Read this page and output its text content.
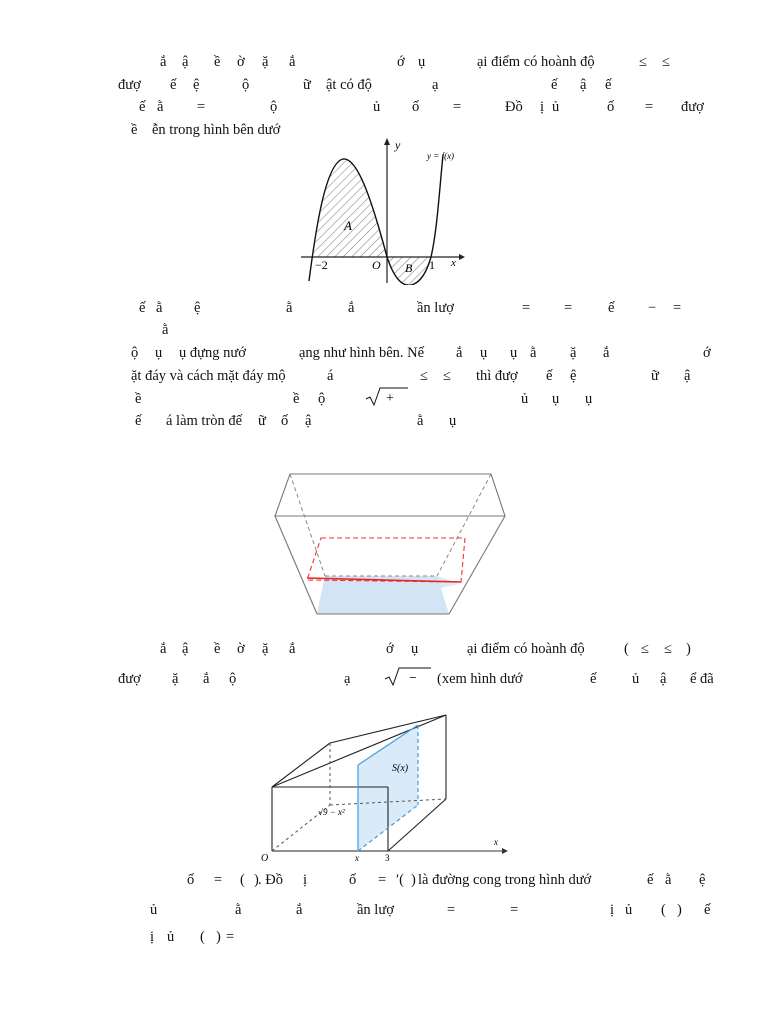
ắ ậ ề ờ ặ ắ	ớ ụ	ại điểm có hoành độ	≤ ≤
đượ ế ệ	ộ	ữ ật có độ	ạ	ế ậ ế
ế ằ =	ộ	ủ ố =	Đồ ị ủ	ố = đượ
ề ễn trong hình bên dướ
y
y = f(x)
A
B
O
−2	1 x
ế ằ ệ	ằ	ắ	ần lượ	= = ế − =
ằ
ộ ụ ụ đựng nướ	ạng như hình bên. Nế ắ ụ ụ ằ ặ ắ	ớ
ặt đáy và cách mặt đáy mộ	á	≤ ≤ thì đượ ế ệ	ữ ậ
ề	ề ộ	ủ ụ ụ
+
ế á làm tròn đế ữ ố ậ	ằ ụ
ắ ậ ề ờ ặ ắ	ớ ụ	ại điểm có hoành độ	( ≤ ≤ )
đượ ặ ắ ộ	ạ	(xem hình dướ	ế ủ ậ ể đã
−
S(x)
√9 − x²
O	x	3
x
ố = ( ) . Đồ ị	ố = ′( ) là đường cong trong hình dướ	ế ằ ệ
ủ	ằ	ắ	ần lượ	=	=	ị ủ ( ) ế
ị ủ ( ) =
